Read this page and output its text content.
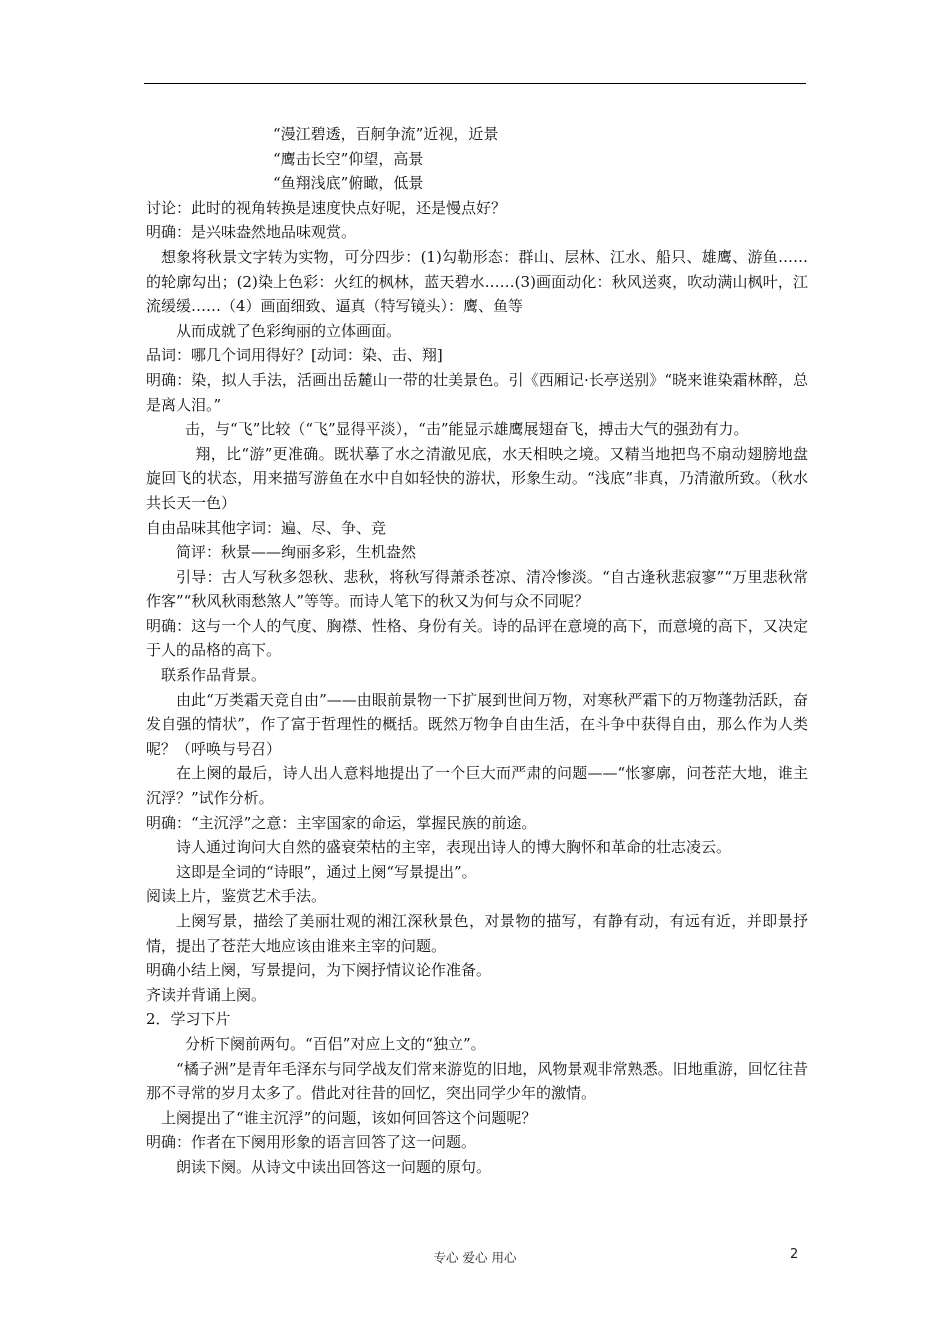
“漫江碧透，百舸争流”近视，近景

“鹰击长空”仰望，高景

“鱼翔浅底”俯瞰，低景

讨论：此时的视角转换是速度快点好呢，还是慢点好？

明确：是兴味盎然地品味观赏。

想象将秋景文字转为实物，可分四步：(1)勾勒形态：群山、层林、江水、船只、雄鹰、游鱼……的轮廓勾出；(2)染上色彩：火红的枫林，蓝天碧水……(3)画面动化：秋风送爽，吹动满山枫叶，江流缓缓……（4）画面细致、逼真（特写镜头）：鹰、鱼等

从而成就了色彩绚丽的立体画面。

品词：哪几个词用得好？[动词：染、击、翔]

明确：染，拟人手法，活画出岳麓山一带的壮美景色。引《西厢记·长亭送别》“晓来谁染霜林醉，总是离人泪。”

击，与“飞”比较（“飞”显得平淡），“击”能显示雄鹰展翅奋飞，搏击大气的强劲有力。

翔，比“游”更准确。既状摹了水之清澈见底，水天相映之境。又精当地把鸟不扇动翅膀地盘旋回飞的状态，用来描写游鱼在水中自如轻快的游状，形象生动。“浅底”非真，乃清澈所致。（秋水共长天一色）

自由品味其他字词：遍、尽、争、竞

简评：秋景——绚丽多彩，生机盎然

引导：古人写秋多怨秋、悲秋，将秋写得萧杀苍凉、清冷惨淡。“自古逢秋悲寂寥”“万里悲秋常作客”“秋风秋雨愁煞人”等等。而诗人笔下的秋又为何与众不同呢？

明确：这与一个人的气度、胸襟、性格、身份有关。诗的品评在意境的高下，而意境的高下，又决定于人的品格的高下。

联系作品背景。

由此“万类霜天竞自由”——由眼前景物一下扩展到世间万物，对寒秋严霜下的万物蓬勃活跃，奋发自强的情状”，作了富于哲理性的概括。既然万物争自由生活，在斗争中获得自由，那么作为人类呢？（呼唤与号召）

在上阕的最后，诗人出人意料地提出了一个巨大而严肃的问题——“怅寥廓，问苍茫大地，谁主沉浮？”试作分析。

明确：“主沉浮”之意：主宰国家的命运，掌握民族的前途。

诗人通过询问大自然的盛衰荣枯的主宰，表现出诗人的博大胸怀和革命的壮志凌云。

这即是全词的“诗眼”，通过上阕“写景提出”。

阅读上片，鉴赏艺术手法。

上阕写景，描绘了美丽壮观的湘江深秋景色，对景物的描写，有静有动，有远有近，并即景抒情，提出了苍茫大地应该由谁来主宰的问题。

明确小结上阕，写景提问，为下阕抒情议论作准备。

齐读并背诵上阕。

2．学习下片

分析下阕前两句。“百侣”对应上文的“独立”。

“橘子洲”是青年毛泽东与同学战友们常来游览的旧地，风物景观非常熟悉。旧地重游，回忆往昔那不寻常的岁月太多了。借此对往昔的回忆，突出同学少年的激情。

上阕提出了“谁主沉浮”的问题，该如何回答这个问题呢？

明确：作者在下阕用形象的语言回答了这一问题。

朗读下阕。从诗文中读出回答这一问题的原句。

专心 爱心 用心	2
